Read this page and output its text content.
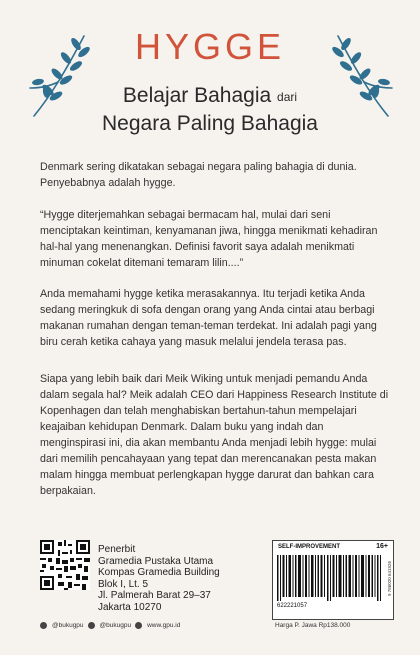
HYGGE
Belajar Bahagia dari
Negara Paling Bahagia

Denmark sering dikatakan sebagai negara paling bahagia di dunia. Penyebabnya adalah hygge.

“Hygge diterjemahkan sebagai bermacam hal, mulai dari seni menciptakan keintiman, kenyamanan jiwa, hingga menikmati kehadiran hal-hal yang menenangkan. Definisi favorit saya adalah menikmati minuman cokelat ditemani temaram lilin....”

Anda memahami hygge ketika merasakannya. Itu terjadi ketika Anda sedang meringkuk di sofa dengan orang yang Anda cintai atau berbagi makanan rumahan dengan teman-teman terdekat. Ini adalah pagi yang biru cerah ketika cahaya yang masuk melalui jendela terasa pas.

Siapa yang lebih baik dari Meik Wiking untuk menjadi pemandu Anda dalam segala hal? Meik adalah CEO dari Happiness Research Institute di Kopenhagen dan telah menghabiskan bertahun-tahun mempelajari keajaiban kehidupan Denmark. Dalam buku yang indah dan menginspirasi ini, dia akan membantu Anda menjadi lebih hygge: mulai dari memilih pencahayaan yang tepat dan merencanakan pesta makan malam hingga membuat perlengkapan hygge darurat dan bahkan cara berpakaian.

Penerbit
Gramedia Pustaka Utama
Kompas Gramedia Building
Blok I, Lt. 5
Jl. Palmerah Barat 29–37
Jakarta 10270
@bukugpu @bukugpu www.gpu.id
SELF-IMPROVEMENT	16+
9 786020 641926
622221057
Harga P. Jawa Rp138.000
